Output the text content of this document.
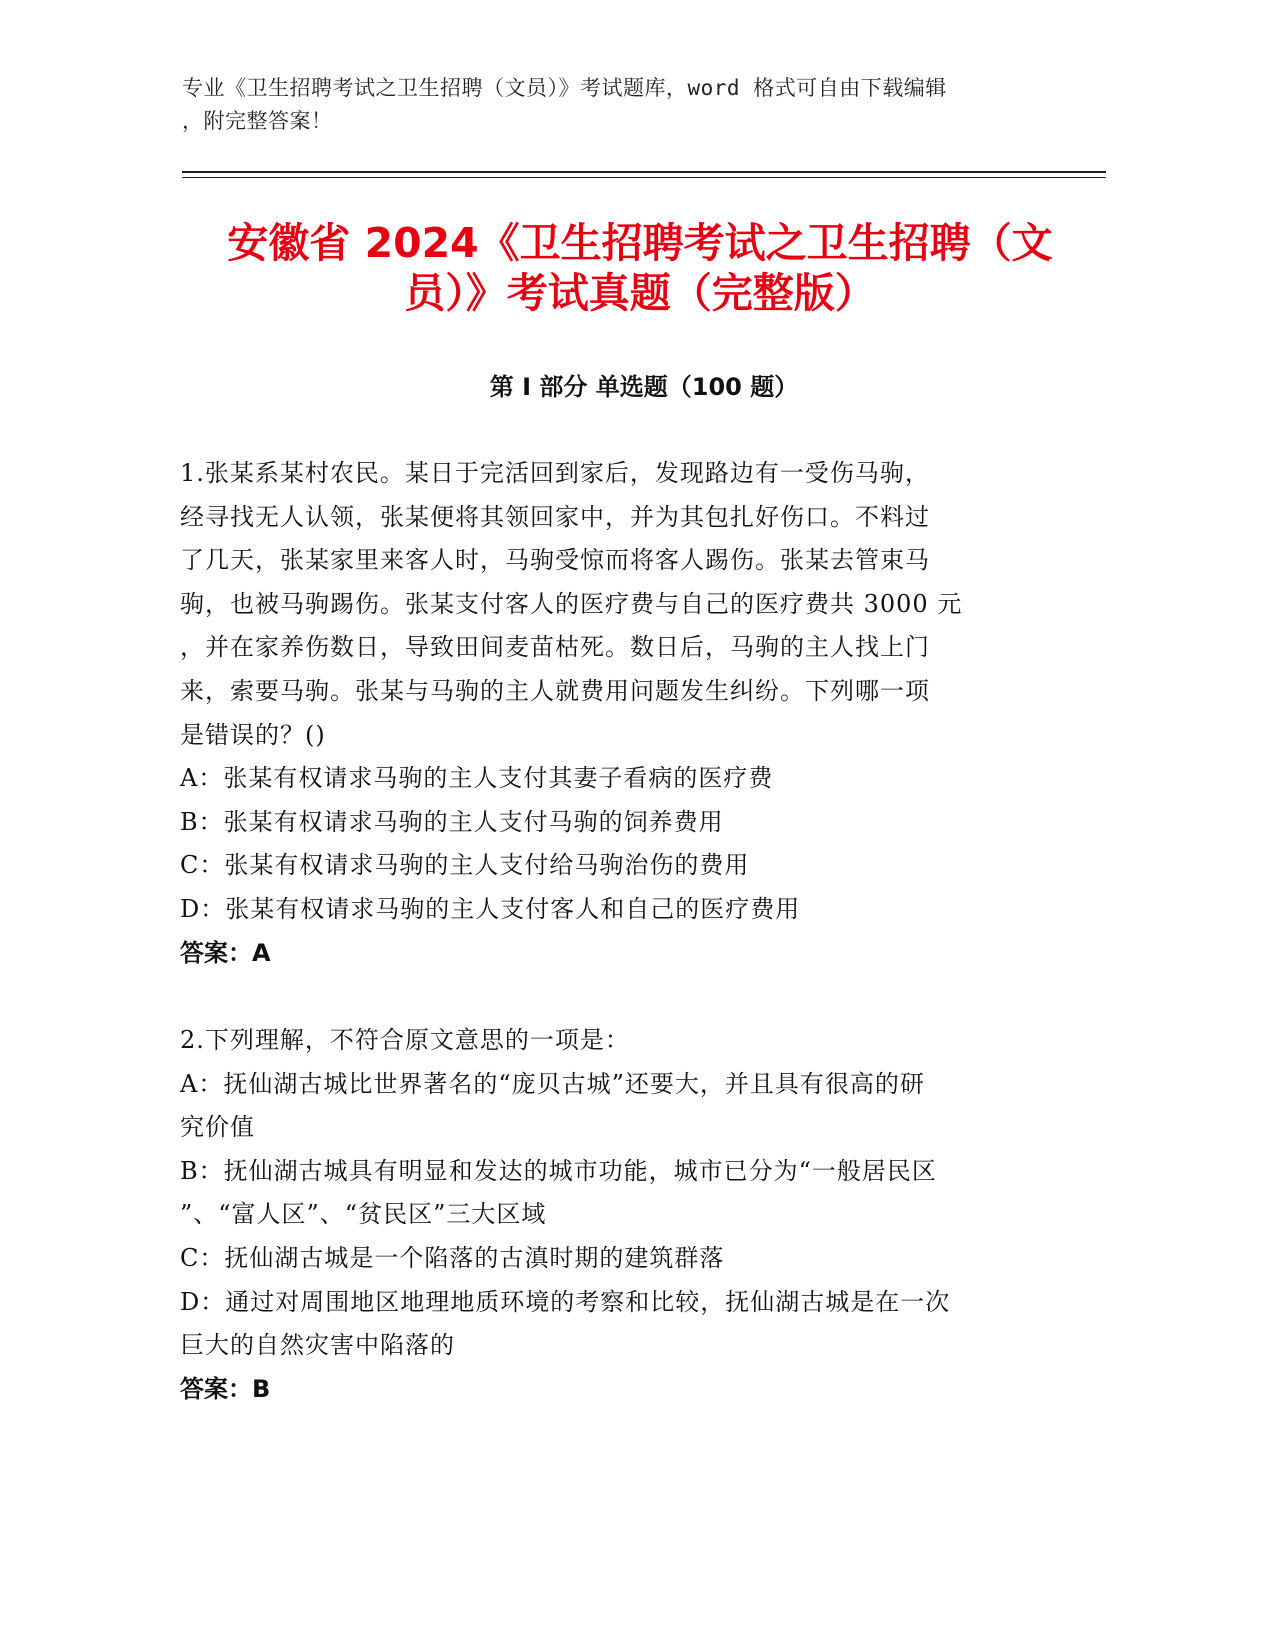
专业《卫生招聘考试之卫生招聘（文员）》考试题库，word 格式可自由下载编辑
，附完整答案！
安徽省 2024《卫生招聘考试之卫生招聘（文
员）》考试真题（完整版）
第 I 部分 单选题（100 题）
1.张某系某村农民。某日于完活回到家后，发现路边有一受伤马驹，
经寻找无人认领，张某便将其领回家中，并为其包扎好伤口。不料过
了几天，张某家里来客人时，马驹受惊而将客人踢伤。张某去管束马
驹，也被马驹踢伤。张某支付客人的医疗费与自己的医疗费共 3000 元
，并在家养伤数日，导致田间麦苗枯死。数日后，马驹的主人找上门
来，索要马驹。张某与马驹的主人就费用问题发生纠纷。下列哪一项
是错误的？()
A：张某有权请求马驹的主人支付其妻子看病的医疗费
B：张某有权请求马驹的主人支付马驹的饲养费用
C：张某有权请求马驹的主人支付给马驹治伤的费用
D：张某有权请求马驹的主人支付客人和自己的医疗费用
答案：A
2.下列理解，不符合原文意思的一项是：
A：抚仙湖古城比世界著名的“庞贝古城”还要大，并且具有很高的研
究价值
B：抚仙湖古城具有明显和发达的城市功能，城市已分为“一般居民区
”、“富人区”、“贫民区”三大区域
C：抚仙湖古城是一个陷落的古滇时期的建筑群落
D：通过对周围地区地理地质环境的考察和比较，抚仙湖古城是在一次
巨大的自然灾害中陷落的
答案：B
